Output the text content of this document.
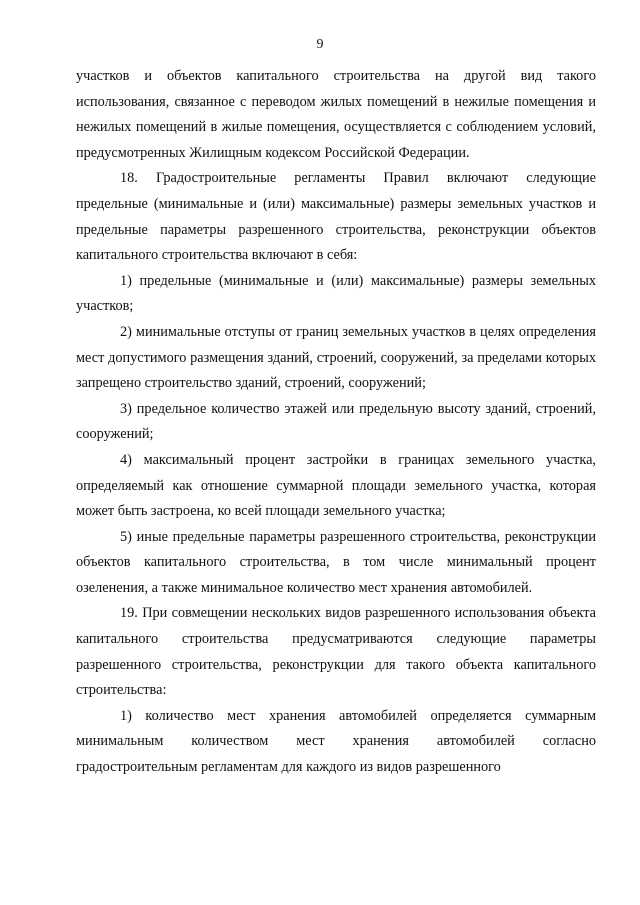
9

участков и объектов капитального строительства на другой вид такого использования, связанное с переводом жилых помещений в нежилые помещения и нежилых помещений в жилые помещения, осуществляется с соблюдением условий, предусмотренных Жилищным кодексом Российской Федерации.

18. Градостроительные регламенты Правил включают следующие предельные (минимальные и (или) максимальные) размеры земельных участков и предельные параметры разрешенного строительства, реконструкции объектов капитального строительства включают в себя:

1) предельные (минимальные и (или) максимальные) размеры земельных участков;

2) минимальные отступы от границ земельных участков в целях определения мест допустимого размещения зданий, строений, сооружений, за пределами которых запрещено строительство зданий, строений, сооружений;

3) предельное количество этажей или предельную высоту зданий, строений, сооружений;

4) максимальный процент застройки в границах земельного участка, определяемый как отношение суммарной площади земельного участка, которая может быть застроена, ко всей площади земельного участка;

5) иные предельные параметры разрешенного строительства, реконструкции объектов капитального строительства, в том числе минимальный процент озеленения, а также минимальное количество мест хранения автомобилей.

19. При совмещении нескольких видов разрешенного использования объекта капитального строительства предусматриваются следующие параметры разрешенного строительства, реконструкции для такого объекта капитального строительства:

1) количество мест хранения автомобилей определяется суммарным минимальным количеством мест хранения автомобилей согласно градостроительным регламентам для каждого из видов разрешенного
